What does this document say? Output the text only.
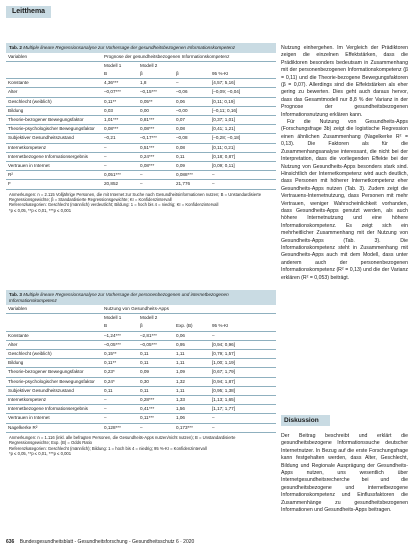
Leitthema
Tab. 2 Multiple lineare Regressionsanalyse zur Vorhersage der gesundheitsbezogenen Informationskompetenz
Variablen	Prognose der gesundheitsbezogenen Informationskompetenz			
	Modell 1	Modell 2		
	B	β	β	95 %-KI
Konstante	4,36***	1,8	–	[4,57; 5,16]
Alter	–0,07***	–0,15***	–0,06	[–0,09; –0,04]
Geschlecht (weiblich)	0,11**	0,05**	0,06	[0,11; 0,19]
Bildung	0,03	0,00	–0,00	[–0,11; 0,16]
Theorie-bezogener Bewegungsfaktor	1,01***	0,81***	0,07	[0,37; 1,01]
Theorie-psychologischer Bewegungsfaktor	0,08***	0,08***	0,08	[0,41; 1,21]
Subjektiver Gesundheitszustand	–0,21	–0,17***	–0,08	[–0,28; –0,18]
Internetkompetenz	–	0,51***	0,08	[0,11; 0,21]
Internetbezogene Informationsergebnis	–	0,24***	0,11	[0,18; 0,87]
Vertrauen in Internet	–	0,08***	0,09	[0,09; 0,11]
R²	0,051***	–	0,088***	–
F	20,852	–	21,776	–
Anmerkungen: n = 2.115 Volljährige Personen, die mit Internet zur Suche nach Gesundheitsinformationen nutzen; B = Unstandardisierte Regressionsgewichte; β = Standardisierte Regressionsgewichte; KI = Konfidenzintervall
Referenzkategorien: Geschlecht (männlich) verdeutlicht; Bildung: 1 = hoch bis 4 = niedrig; KI = Konfidenzintervall
*p ≤ 0,05, **p ≤ 0,01, ***p ≤ 0,001
Tab. 3 Multiple lineare Regressionsanalyse zur Vorhersage der personenbezogenen und internetbezogenen Informationskompetenz
Variablen	Nutzung von Gesundheits-Apps			
	Modell 1	Modell 2		
	B	β	Exp. (B)	95 %-KI
Konstante	–1,24***	–2,81***	0,06	–
Alter	–0,05***	–0,05***	0,95	[0,94; 0,96]
Geschlecht (weiblich)	0,15**	0,11	1,11	[0,79; 1,57]
Bildung	0,11**	0,11	1,11	[1,00; 1,19]
Theorie-bezogener Bewegungsfaktor	0,23*	0,09	1,09	[0,67; 1,79]
Theorie-psychologischer Bewegungsfaktor	0,24*	0,30	1,32	[0,94; 1,87]
Subjektiver Gesundheitszustand	0,11	0,11	1,11	[0,95; 1,38]
Internetkompetenz	–	0,28***	1,33	[1,13; 1,65]
Internetbezogene Informationsergebnis	–	0,41***	1,56	[1,17; 1,77]
Vertrauen in Internet	–	0,11***	1,06	–
Nagelkerke R²	0,128***	–	0,173***	–
Anmerkungen: n = 1.116 (inkl. alle befragten Personen, die Gesundheits-Apps nutzen/nicht nutzen); B = Unstandardisierte Regressionsgewichte; Exp. (B) = Odds Ratio
Referenzkategorien: Geschlecht (männlich); Bildung: 1 = hoch bis 4 = niedrig; 95 %-KI = Konfidenzintervall
*p ≤ 0,05, **p ≤ 0,01, ***p ≤ 0,001

Nutzung einhergehen. Im Vergleich der Prädiktoren zeigen die einzelnen Effektstärken, dass die Prädiktoren besonders bedeutsam in Zusammenhang mit der personenbezogenen Informationskompetenz (β = 0,11) und die Theorie-bezogene Bewegungsfaktoren (β = 0,07). Allerdings sind die Effektstärken als eher gering zu bewerten. Dies geht auch daraus hervor, dass das Gesamtmodell nur 8,8 % der Varianz in der Prognose der gesundheitsbezogenen Informationsnutzung erklären kann.

Für die Nutzung von Gesundheits-Apps (Forschungsfrage 3b) zeigt die logistische Regression einen ähnlichen Zusammenhang (Nagelkerke R² = 0,13). Die Faktoren als für die Zusammenhangsanalyse interessant, die nicht bei der Interpretation, dass die vorliegenden Effekte bei der Nutzung von Gesundheits-Apps besonders stark sind. Hinsichtlich der Internetkompetenz wird auch deutlich, dass Personen mit höherer Internetkompetenz eher Gesundheits-Apps nutzen (Tab. 3). Zudem zeigt die Vertrauens-Internetnutzung, dass Personen mit mehr Vertrauen, weniger Wahrscheinlichkeit vorhanden, dass Gesundheits-Apps genutzt werden, als auch höhere Internetnutzung und eine höhere Informationskompetenz. Es zeigt sich ein mehrheitlicher Zusammenhang mit der Nutzung von Gesundheits-Apps (Tab. 3). Die Informationskompetenz steht in Zusammenhang mit Gesundheits-Apps auch mit dem Modell, dass unter anderem auch der personenbezogenen Informationskompetenz (R² = 0,13) und die der Varianz erklären (R² = 0,053) beiträgt.

Diskussion

Der Beitrag beschreibt und erklärt die gesundheitsbezogene Informationssuche deutscher Internetnutzer. In Bezug auf die erste Forschungsfrage kann festgehalten werden, dass Alter, Geschlecht, Bildung und Regionale Ausprägung der Gesundheits-Apps nutzen, uns wesentlich über Internetgesundheitsrecherche bei und die gesundheitsbezogene und internetbezogene Informationskompetenz und Einflussfaktoren die Zusammenhänge zu gesundheitsbezogenen Informationen und Gesundheits-Apps beitragen.

636 Bundesgesundheitsblatt - Gesundheitsforschung - Gesundheitsschutz 6 · 2020
